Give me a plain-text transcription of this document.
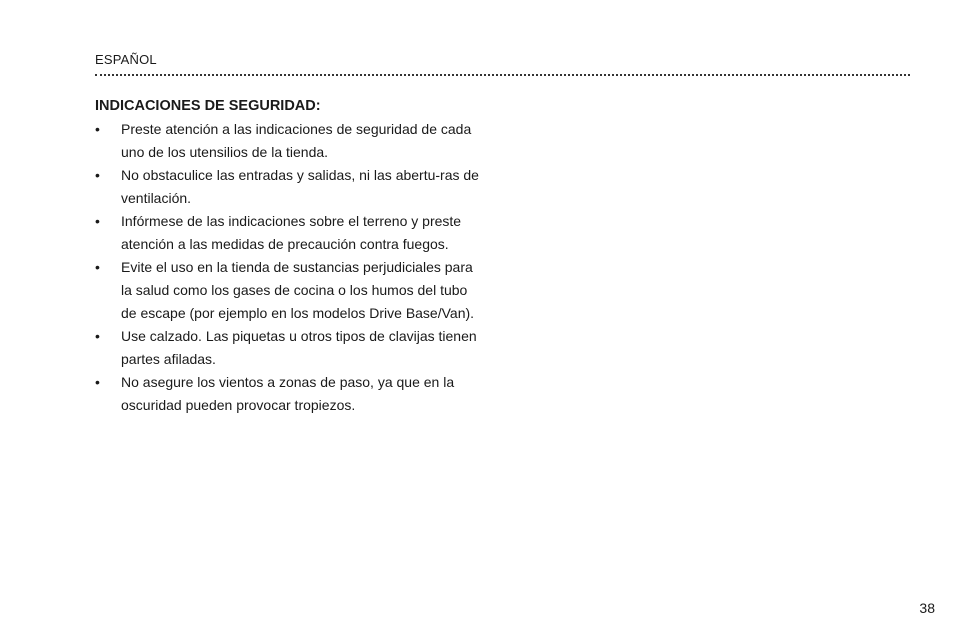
ESPAÑOL
INDICACIONES DE SEGURIDAD:
• Preste atención a las indicaciones de seguridad de cada uno de los utensilios de la tienda.
• No obstaculice las entradas y salidas, ni las abertu-ras de ventilación.
• Infórmese de las indicaciones sobre el terreno y preste atención a las medidas de precaución contra fuegos.
• Evite el uso en la tienda de sustancias perjudiciales para la salud como los gases de cocina o los humos del tubo de escape (por ejemplo en los modelos Drive Base/Van).
• Use calzado. Las piquetas u otros tipos de clavijas tienen partes afiladas.
• No asegure los vientos a zonas de paso, ya que en la oscuridad pueden provocar tropiezos.
38
